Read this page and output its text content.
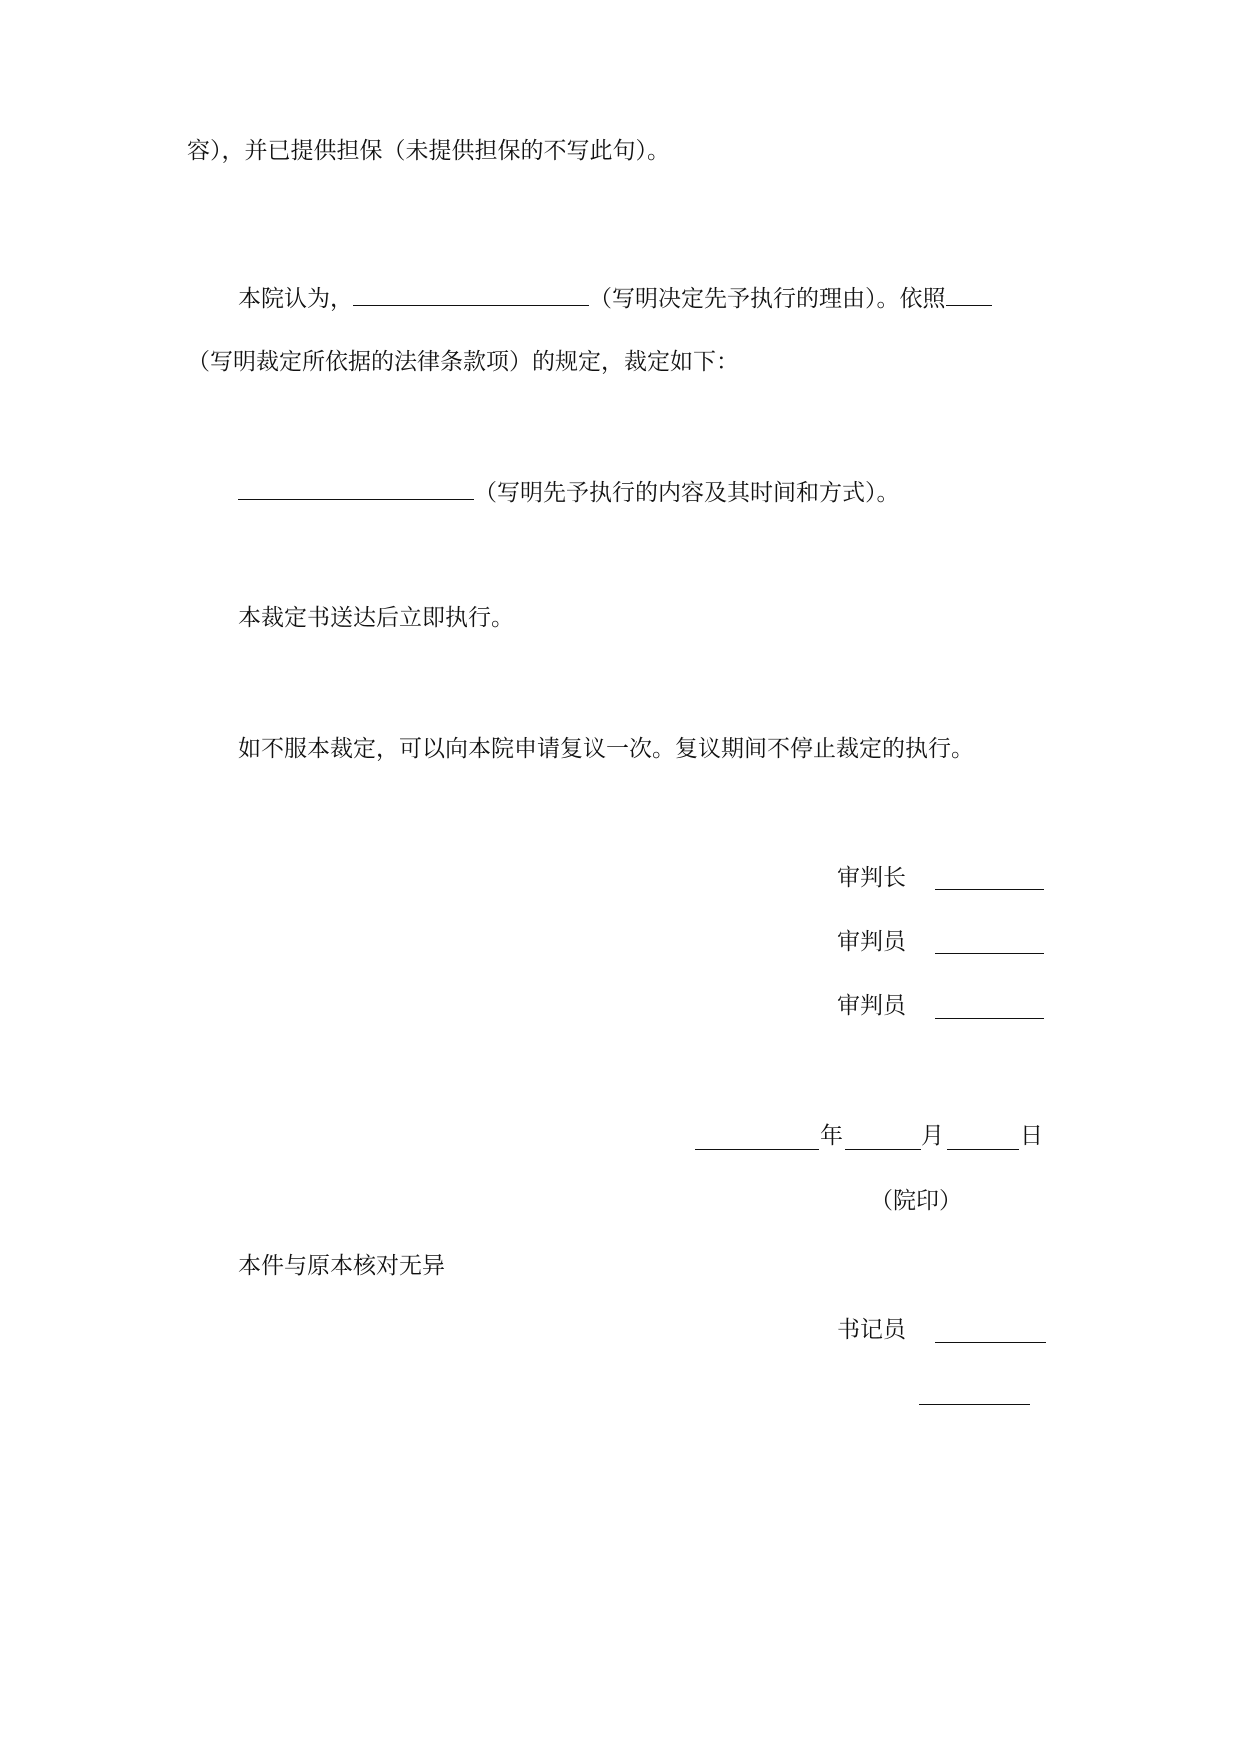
容），并已提供担保（未提供担保的不写此句）。
本院认为，	（写明决定先予执行的理由）。依照
（写明裁定所依据的法律条款项）的规定，裁定如下：
（写明先予执行的内容及其时间和方式）。
本裁定书送达后立即执行。
如不服本裁定，可以向本院申请复议一次。复议期间不停止裁定的执行。
审判长
审判员
审判员
年	月	日
（院印）
本件与原本核对无异
书记员
